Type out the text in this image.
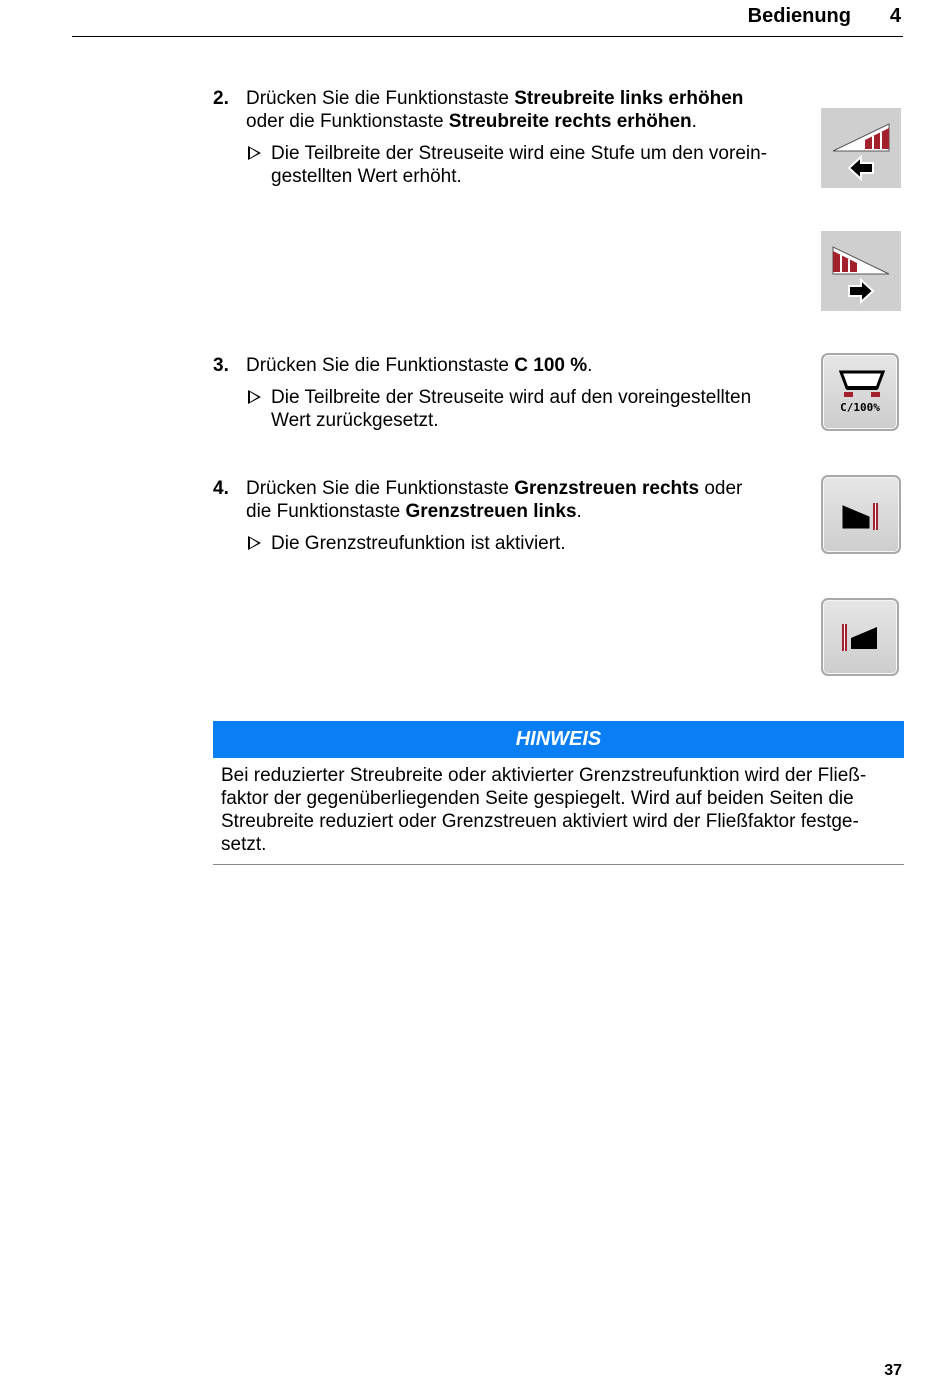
Bedienung 4
2. Drücken Sie die Funktionstaste Streubreite links erhöhen
oder die Funktionstaste Streubreite rechts erhöhen.
Die Teilbreite der Streuseite wird eine Stufe um den vorein-
gestellten Wert erhöht.
3. Drücken Sie die Funktionstaste C 100 %.
Die Teilbreite der Streuseite wird auf den voreingestellten
Wert zurückgesetzt.
4. Drücken Sie die Funktionstaste Grenzstreuen rechts oder
die Funktionstaste Grenzstreuen links.
Die Grenzstreufunktion ist aktiviert.
C/100%
HINWEIS
Bei reduzierter Streubreite oder aktivierter Grenzstreufunktion wird der Fließ-
faktor der gegenüberliegenden Seite gespiegelt. Wird auf beiden Seiten die
Streubreite reduziert oder Grenzstreuen aktiviert wird der Fließfaktor festge-
setzt.
37
